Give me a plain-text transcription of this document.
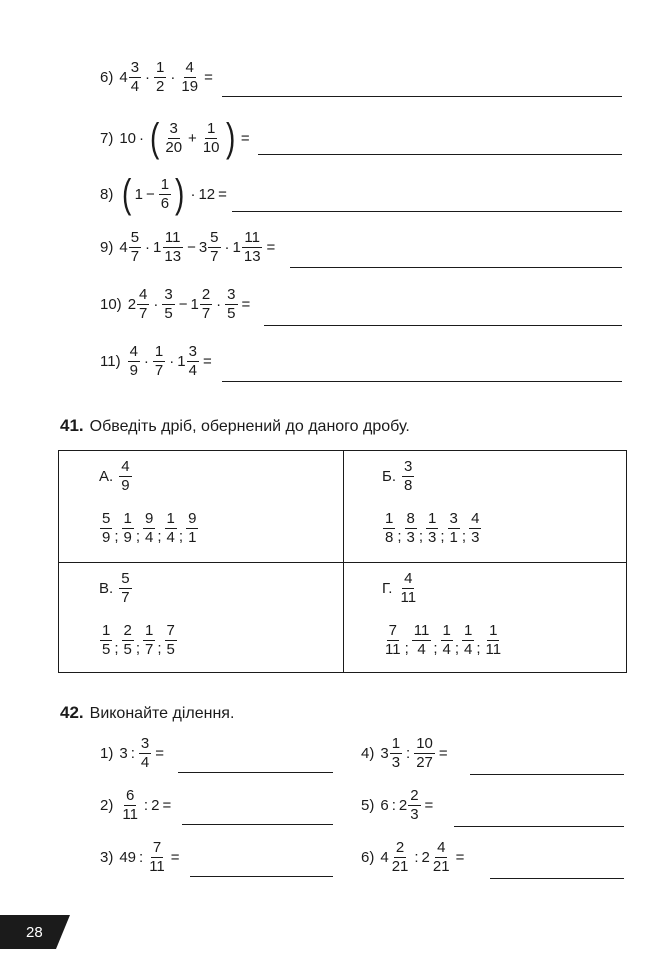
6) $4 \frac{3}{4} \cdot \frac{1}{2} \cdot \frac{4}{19}$ =
7) 10 · ( $\frac{3}{20} + \frac{1}{10}$ ) =
8) ( $1 - \frac{1}{6}$ ) · 12 =
9) $4 \frac{5}{7} \cdot 1 \frac{11}{13} - 3 \frac{5}{7} \cdot 1 \frac{11}{13}$ =
10) $2 \frac{4}{7} \cdot \frac{3}{5} - 1 \frac{2}{7} \cdot \frac{3}{5}$ =
$11) \frac{4}{9} \cdot \frac{1}{7} \cdot 1 \frac{3}{4}$ =
41. Обведіть дріб, обернений до даного дробу.
А. $\frac{4}{9}$
$\frac{5}{9}$ ; $\frac{1}{9}$ ; $\frac{9}{4}$ ; $\frac{1}{4}$ ; $\frac{9}{1}$
Б. $\frac{3}{8}$
$\frac{1}{8}$ ; $\frac{8}{3}$ ; $\frac{1}{3}$ ; $\frac{3}{1}$ ; $\frac{4}{3}$
В. $\frac{5}{7}$
$\frac{1}{5}$ ; $\frac{2}{5}$ ; $\frac{1}{7}$ ; $\frac{7}{5}$
Г. $\frac{4}{11}$
$\frac{7}{11}$ ; $\frac{11}{4}$ ; $\frac{1}{4}$ ; $\frac{1}{4}$ ; $\frac{1}{11}$
42. Виконайте ділення.
1) 3 : $\frac{3}{4}$ =
$2) \frac{6}{11}$ : 2 =
3) 49 : $\frac{7}{11}$ =
4) $3 \frac{1}{3}$ : $\frac{10}{27}$ =
5) 6 : $2 \frac{2}{3}$ =
6) $4 \frac{2}{21}$ : $2 \frac{4}{21}$ =
28
